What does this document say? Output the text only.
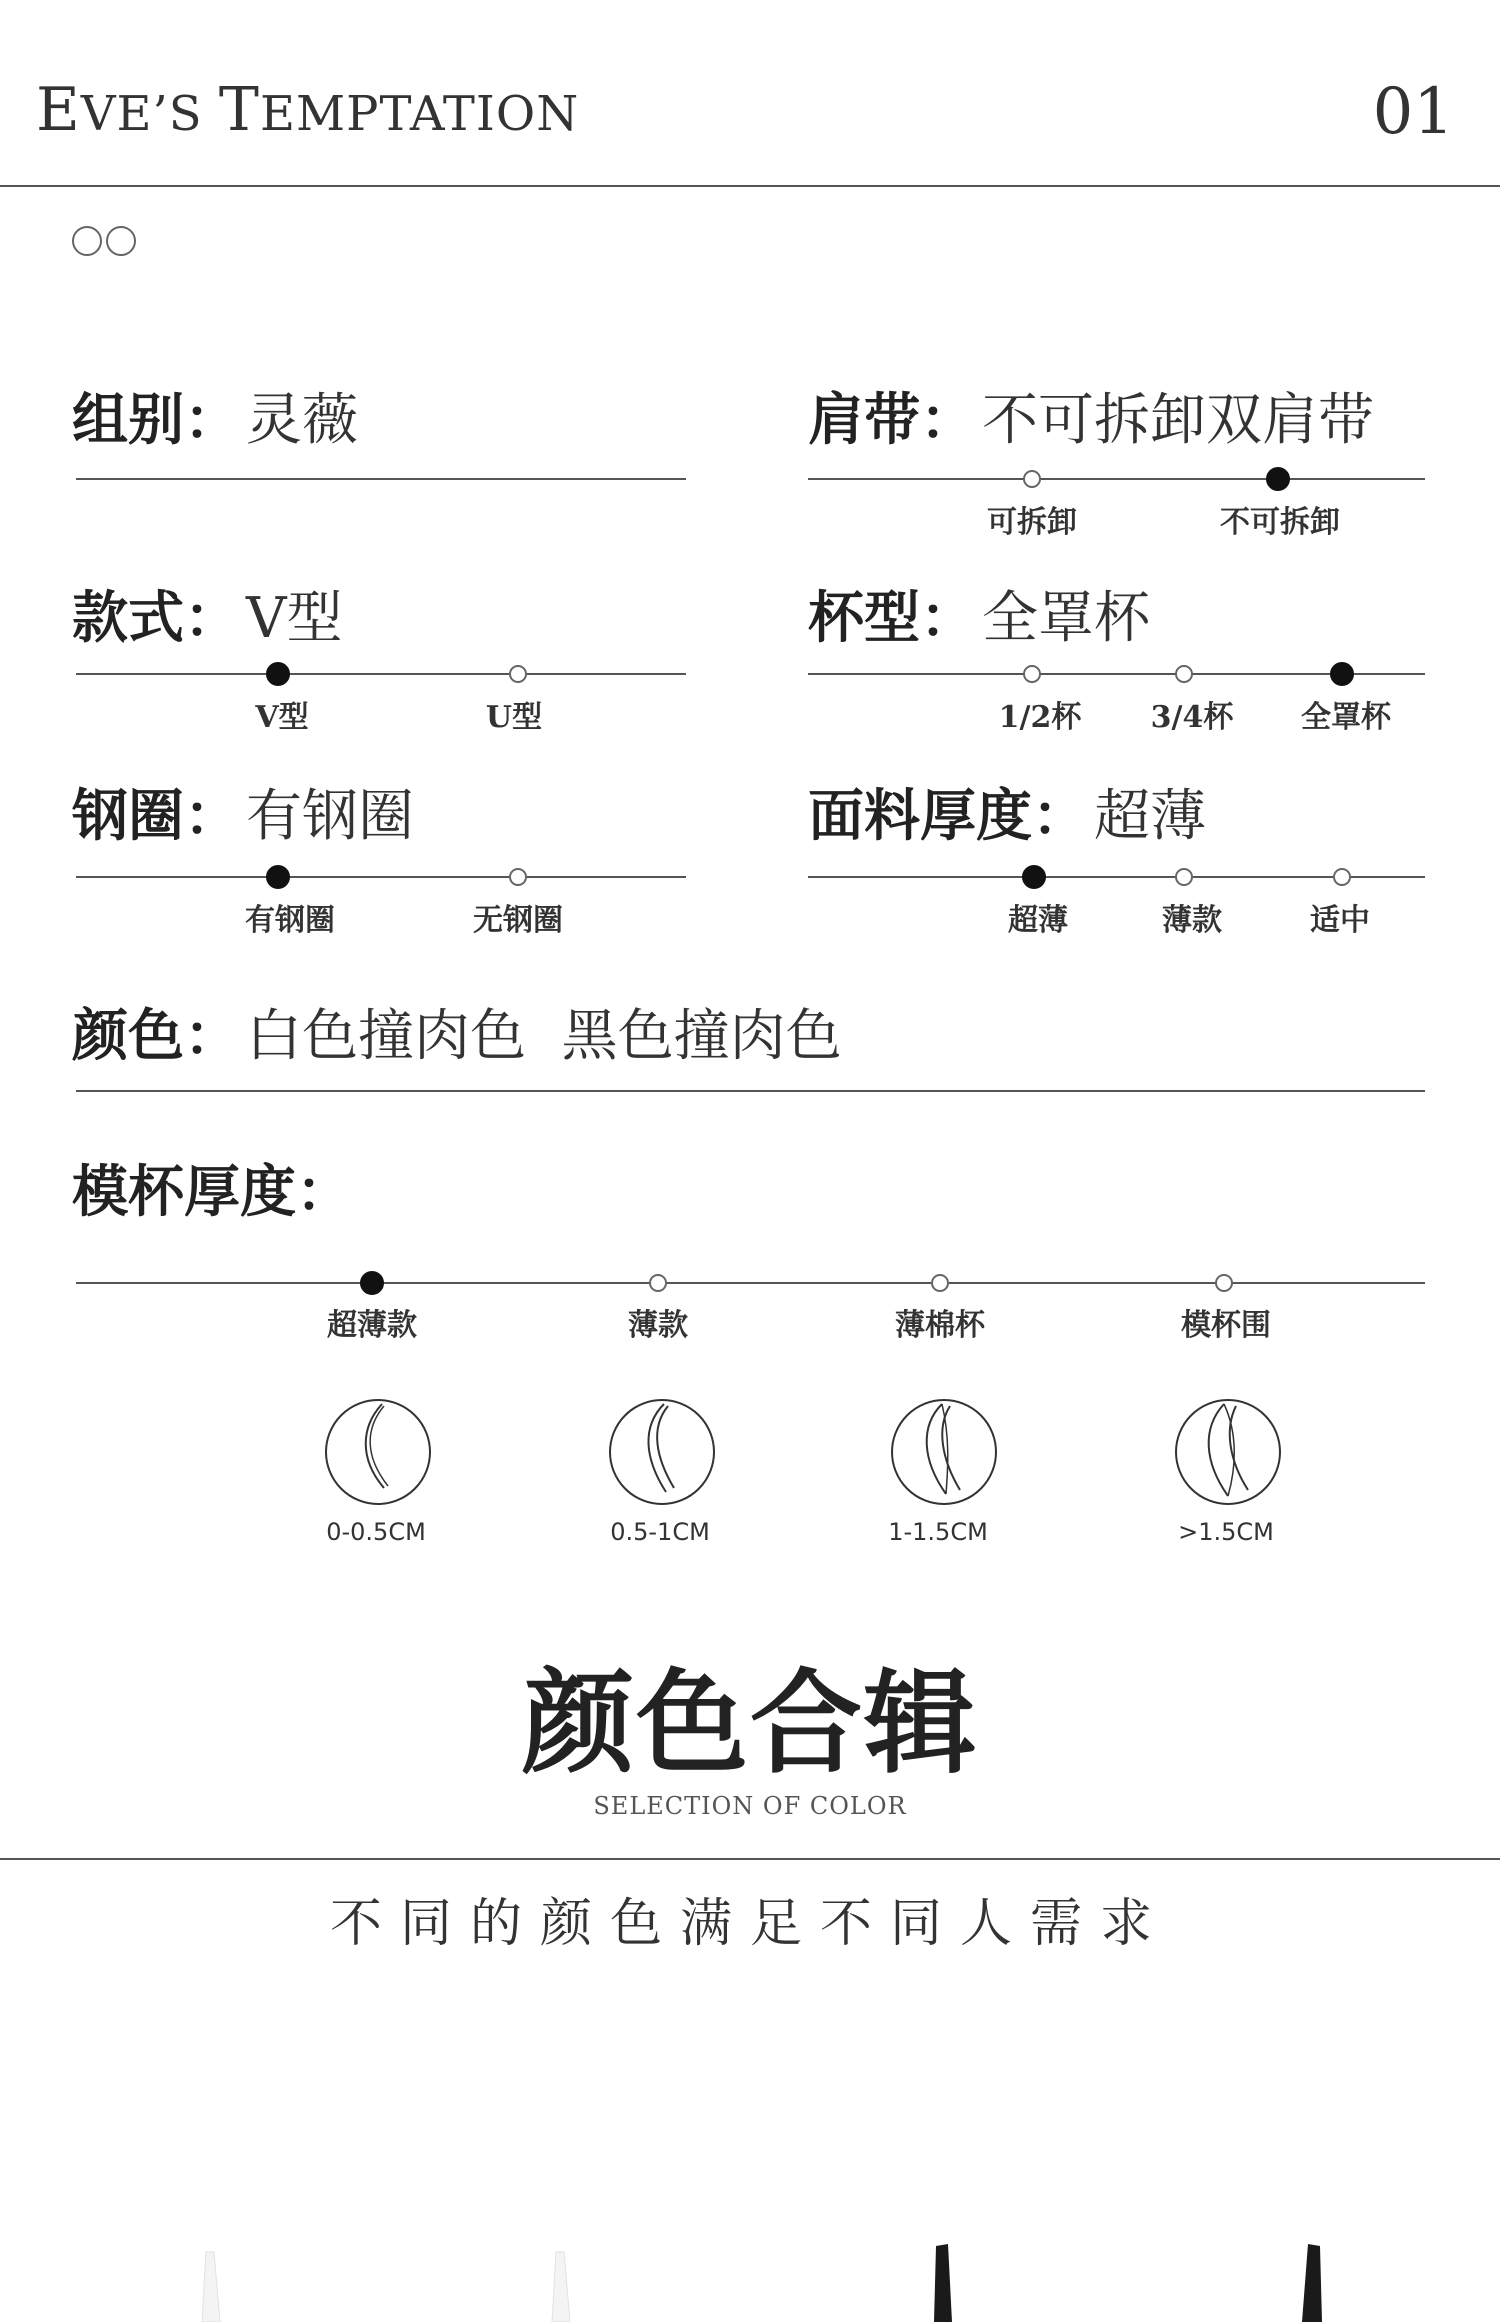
EVE’S TEMPTATION	01
组别： 灵薇	肩带： 不可拆卸双肩带
可拆卸	不可拆卸
款式： V型
V型	U型
杯型： 全罩杯
1/2杯 3/4杯 全罩杯
钢圈： 有钢圈
有钢圈	无钢圈
面料厚度： 超薄
超薄	薄款	适中
颜色： 白色撞肉色  黑色撞肉色
模杯厚度：
超薄款	薄款	薄棉杯	模杯围
0-0.5CM	0.5-1CM	1-1.5CM	>1.5CM
颜色合辑
SELECTION OF COLOR
不同的颜色满足不同人需求
